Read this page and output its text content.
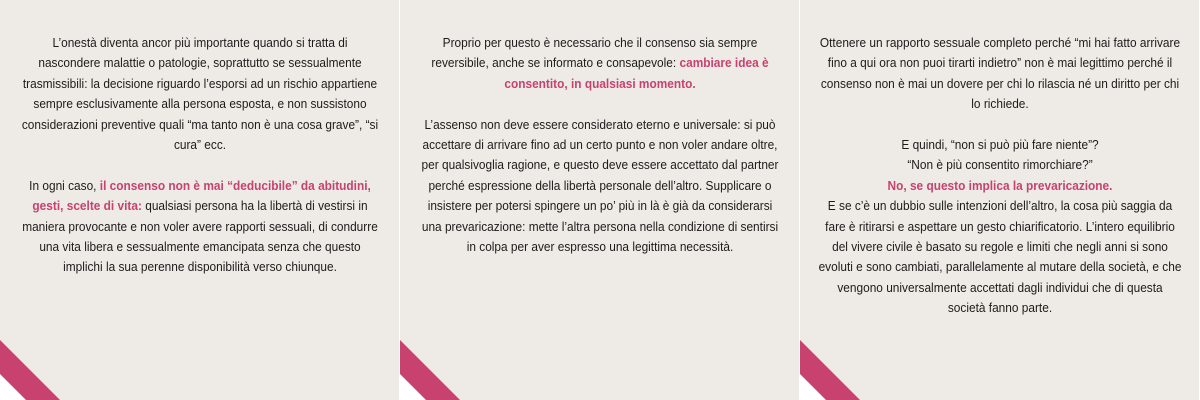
L’onestà diventa ancor più importante quando si tratta di nascondere malattie o patologie, soprattutto se sessualmente trasmissibili: la decisione riguardo l’esporsi ad un rischio appartiene sempre esclusivamente alla persona esposta, e non sussistono considerazioni preventive quali “ma tanto non è una cosa grave”, “si cura” ecc.

In ogni caso, il consenso non è mai “deducibile” da abitudini, gesti, scelte di vita: qualsiasi persona ha la libertà di vestirsi in maniera provocante e non voler avere rapporti sessuali, di condurre una vita libera e sessualmente emancipata senza che questo implichi la sua perenne disponibilità verso chiunque.

Proprio per questo è necessario che il consenso sia sempre reversibile, anche se informato e consapevole: cambiare idea è consentito, in qualsiasi momento.

L’assenso non deve essere considerato eterno e universale: si può accettare di arrivare fino ad un certo punto e non voler andare oltre, per qualsivoglia ragione, e questo deve essere accettato dal partner perché espressione della libertà personale dell’altro. Supplicare o insistere per potersi spingere un po’ più in là è già da considerarsi una prevaricazione: mette l’altra persona nella condizione di sentirsi in colpa per aver espresso una legittima necessità.

Ottenere un rapporto sessuale completo perché “mi hai fatto arrivare fino a qui ora non puoi tirarti indietro” non è mai legittimo perché il consenso non è mai un dovere per chi lo rilascia né un diritto per chi lo richiede.

E quindi, “non si può più fare niente”?
“Non è più consentito rimorchiare?”
No, se questo implica la prevaricazione.
E se c’è un dubbio sulle intenzioni dell’altro, la cosa più saggia da fare è ritirarsi e aspettare un gesto chiarificatorio. L’intero equilibrio del vivere civile è basato su regole e limiti che negli anni si sono evoluti e sono cambiati, parallelamente al mutare della società, e che vengono universalmente accettati dagli individui che di questa società fanno parte.
